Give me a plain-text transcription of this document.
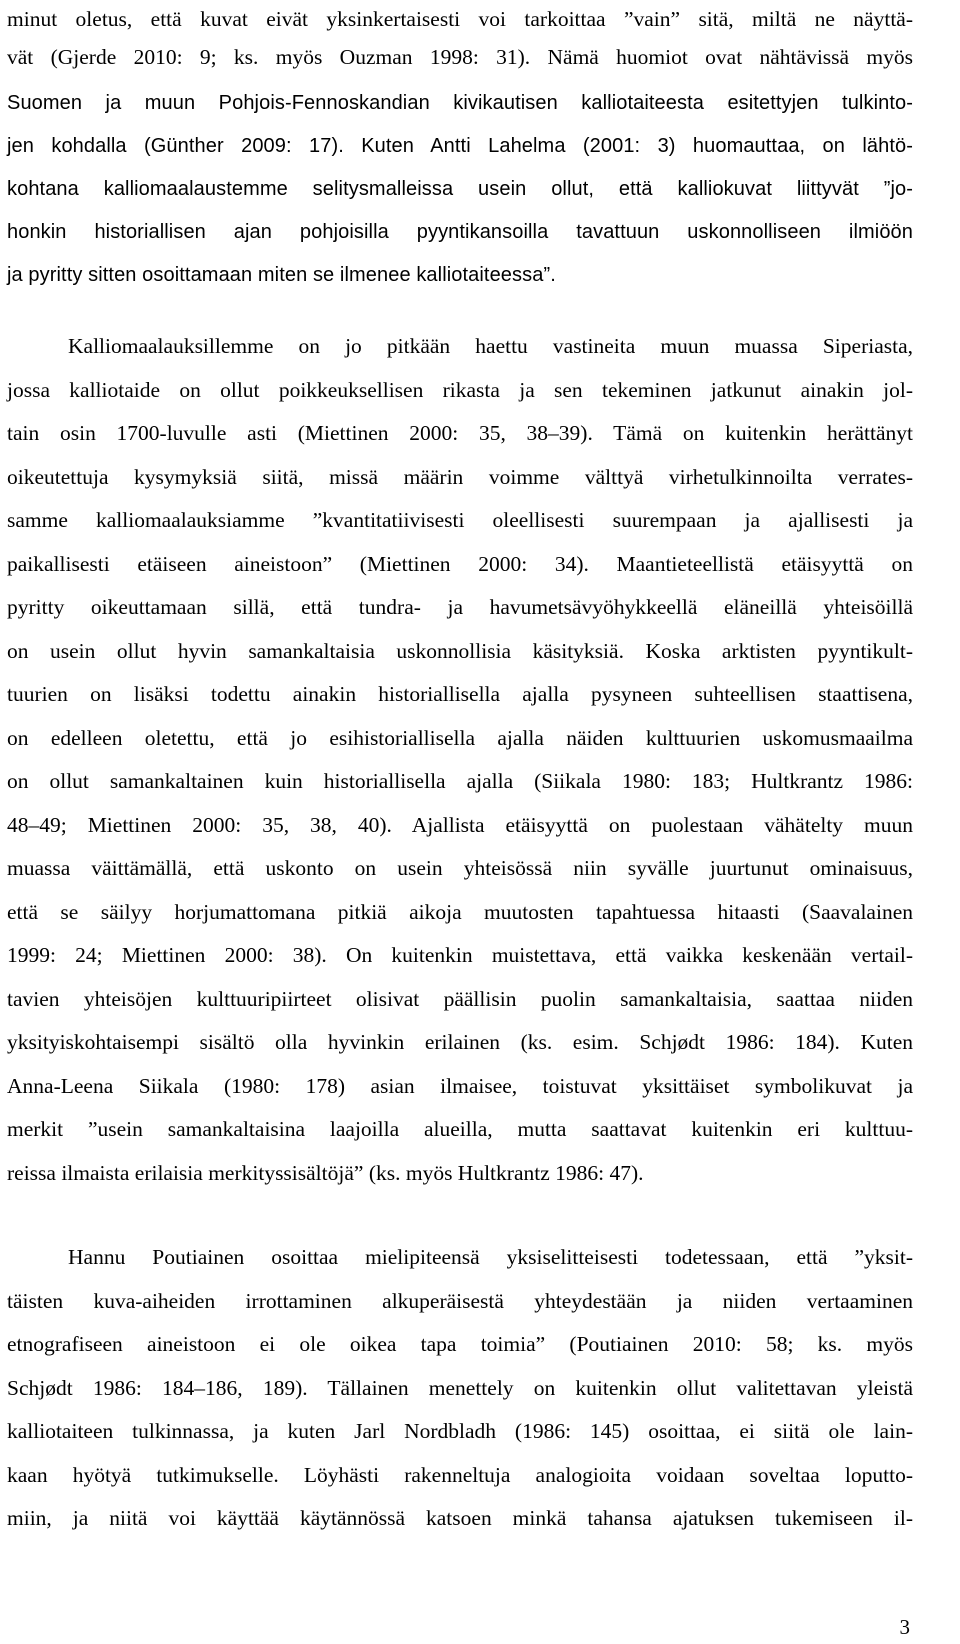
minut oletus, että kuvat eivät yksinkertaisesti voi tarkoittaa ”vain” sitä, miltä ne näyttä-
vät (Gjerde 2010: 9; ks. myös Ouzman 1998: 31). Nämä huomiot ovat nähtävissä myös
Suomen ja muun Pohjois-Fennoskandian kivikautisen kalliotaiteesta esitettyjen tulkinto-
jen kohdalla (Günther 2009: 17). Kuten Antti Lahelma (2001: 3) huomauttaa, on lähtö-
kohtana kalliomaalaustemme selitysmalleissa usein ollut, että kalliokuvat liittyvät ”jo-
honkin historiallisen ajan pohjoisilla pyyntikansoilla tavattuun uskonnolliseen ilmiöön
ja pyritty sitten osoittamaan miten se ilmenee kalliotaiteessa”.
Kalliomaalauksillemme on jo pitkään haettu vastineita muun muassa Siperiasta,
jossa kalliotaide on ollut poikkeuksellisen rikasta ja sen tekeminen jatkunut ainakin jol-
tain osin 1700-luvulle asti (Miettinen 2000: 35, 38–39). Tämä on kuitenkin herättänyt
oikeutettuja kysymyksiä siitä, missä määrin voimme välttyä virhetulkinnoilta verrates-
samme kalliomaalauksiamme ”kvantitatiivisesti oleellisesti suurempaan ja ajallisesti ja
paikallisesti etäiseen aineistoon” (Miettinen 2000: 34). Maantieteellistä etäisyyttä on
pyritty oikeuttamaan sillä, että tundra- ja havumetsävyöhykkeellä eläneillä yhteisöillä
on usein ollut hyvin samankaltaisia uskonnollisia käsityksiä. Koska arktisten pyyntikult-
tuurien on lisäksi todettu ainakin historiallisella ajalla pysyneen suhteellisen staattisena,
on edelleen oletettu, että jo esihistoriallisella ajalla näiden kulttuurien uskomusmaailma
on ollut samankaltainen kuin historiallisella ajalla (Siikala 1980: 183; Hultkrantz 1986:
48–49; Miettinen 2000: 35, 38, 40). Ajallista etäisyyttä on puolestaan vähätelty muun
muassa väittämällä, että uskonto on usein yhteisössä niin syvälle juurtunut ominaisuus,
että se säilyy horjumattomana pitkiä aikoja muutosten tapahtuessa hitaasti (Saavalainen
1999: 24; Miettinen 2000: 38). On kuitenkin muistettava, että vaikka keskenään vertail-
tavien yhteisöjen kulttuuripiirteet olisivat päällisin puolin samankaltaisia, saattaa niiden
yksityiskohtaisempi sisältö olla hyvinkin erilainen (ks. esim. Schjødt 1986: 184). Kuten
Anna-Leena Siikala (1980: 178) asian ilmaisee, toistuvat yksittäiset symbolikuvat ja
merkit ”usein samankaltaisina laajoilla alueilla, mutta saattavat kuitenkin eri kulttuu-
reissa ilmaista erilaisia merkityssisältöjä” (ks. myös Hultkrantz 1986: 47).
Hannu Poutiainen osoittaa mielipiteensä yksiselitteisesti todetessaan, että ”yksit-
täisten kuva-aiheiden irrottaminen alkuperäisestä yhteydestään ja niiden vertaaminen
etnografiseen aineistoon ei ole oikea tapa toimia” (Poutiainen 2010: 58; ks. myös
Schjødt 1986: 184–186, 189). Tällainen menettely on kuitenkin ollut valitettavan yleistä
kalliotaiteen tulkinnassa, ja kuten Jarl Nordbladh (1986: 145) osoittaa, ei siitä ole lain-
kaan hyötyä tutkimukselle. Löyhästi rakenneltuja analogioita voidaan soveltaa loputto-
miin, ja niitä voi käyttää käytännössä katsoen minkä tahansa ajatuksen tukemiseen il-
3
